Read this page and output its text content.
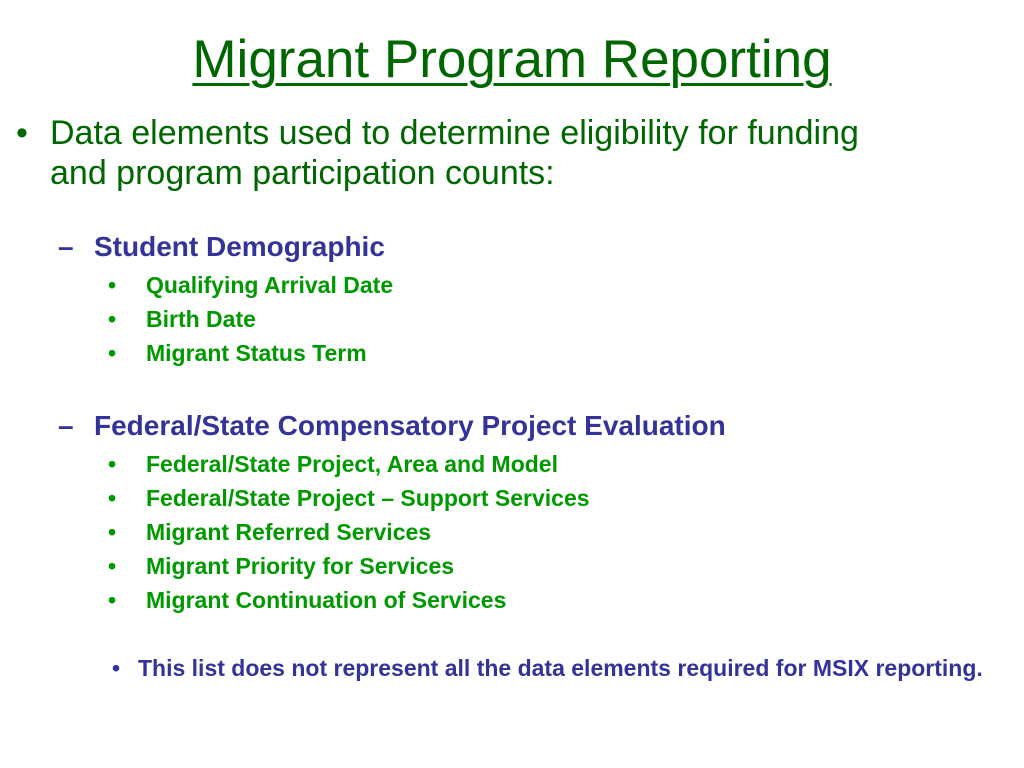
Migrant Program Reporting
• Data elements used to determine eligibility for funding and program participation counts:
– Student Demographic
•	Qualifying Arrival Date
•	Birth Date
•	Migrant Status Term
– Federal/State Compensatory Project Evaluation
•	Federal/State Project, Area and Model
•	Federal/State Project – Support Services
•	Migrant Referred Services
•	Migrant Priority for Services
•	Migrant Continuation of Services
• This list does not represent all the data elements required for MSIX reporting.
